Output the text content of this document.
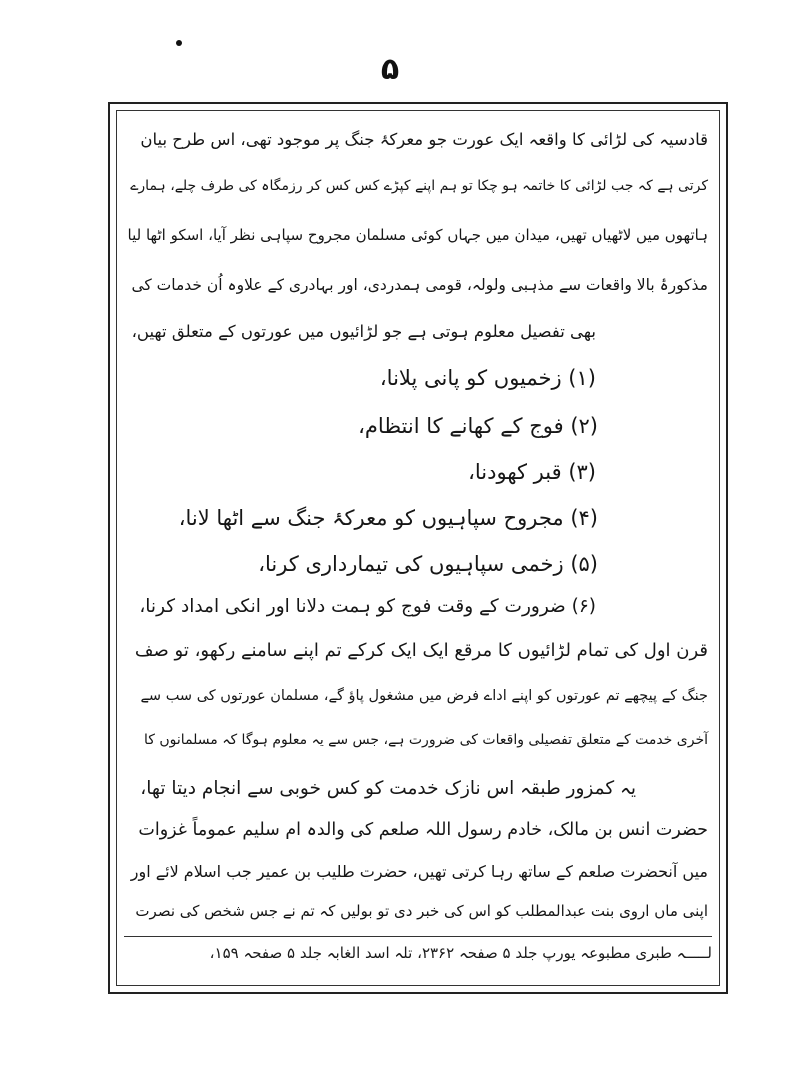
۵
قادسیہ کی لڑائی کا واقعہ ایک عورت جو معرکۂ جنگ پر موجود تھی، اس طرح بیان
کرتی ہے کہ جب لڑائی کا خاتمہ ہو چکا تو ہم اپنے کپڑے کس کس کر رزمگاہ کی طرف چلے، ہمارے
ہاتھوں میں لاٹھیاں تھیں، میدان میں جہاں کوئی مسلمان مجروح سپاہی نظر آیا، اسکو اٹھا لیا
مذکورۂ بالا واقعات سے مذہبی ولولہ، قومی ہمدردی، اور بہادری کے علاوہ اُن خدمات کی
بھی تفصیل معلوم ہوتی ہے جو لڑائیوں میں عورتوں کے متعلق تھیں،
(۱) زخمیوں کو پانی پلانا،
(۲) فوج کے کھانے کا انتظام،
(۳) قبر کھودنا،
(۴) مجروح سپاہیوں کو معرکۂ جنگ سے اٹھا لانا،
(۵) زخمی سپاہیوں کی تیمارداری کرنا،
(۶) ضرورت کے وقت فوج کو ہمت دلانا اور انکی امداد کرنا،
قرن اول کی تمام لڑائیوں کا مرقع ایک ایک کرکے تم اپنے سامنے رکھو، تو صف
جنگ کے پیچھے تم عورتوں کو اپنے اداے فرض میں مشغول پاؤ گے، مسلمان عورتوں کی سب سے
آخری خدمت کے متعلق تفصیلی واقعات کی ضرورت ہے، جس سے یہ معلوم ہوگا کہ مسلمانوں کا
یہ کمزور طبقہ اس نازک خدمت کو کس خوبی سے انجام دیتا تھا،
حضرت انس بن مالک، خادم رسول اللہ صلعم کی والدہ ام سلیم عموماً غزوات
میں آنحضرت صلعم کے ساتھ رہا کرتی تھیں، حضرت طلیب بن عمیر جب اسلام لائے اور
اپنی ماں اروی بنت عبدالمطلب کو اس کی خبر دی تو بولیں کہ تم نے جس شخص کی نصرت
لـــــہ طبری مطبوعہ یورپ جلد ۵ صفحہ ۲۳۶۲، تلہ اسد الغابہ جلد ۵ صفحہ ۱۵۹،
